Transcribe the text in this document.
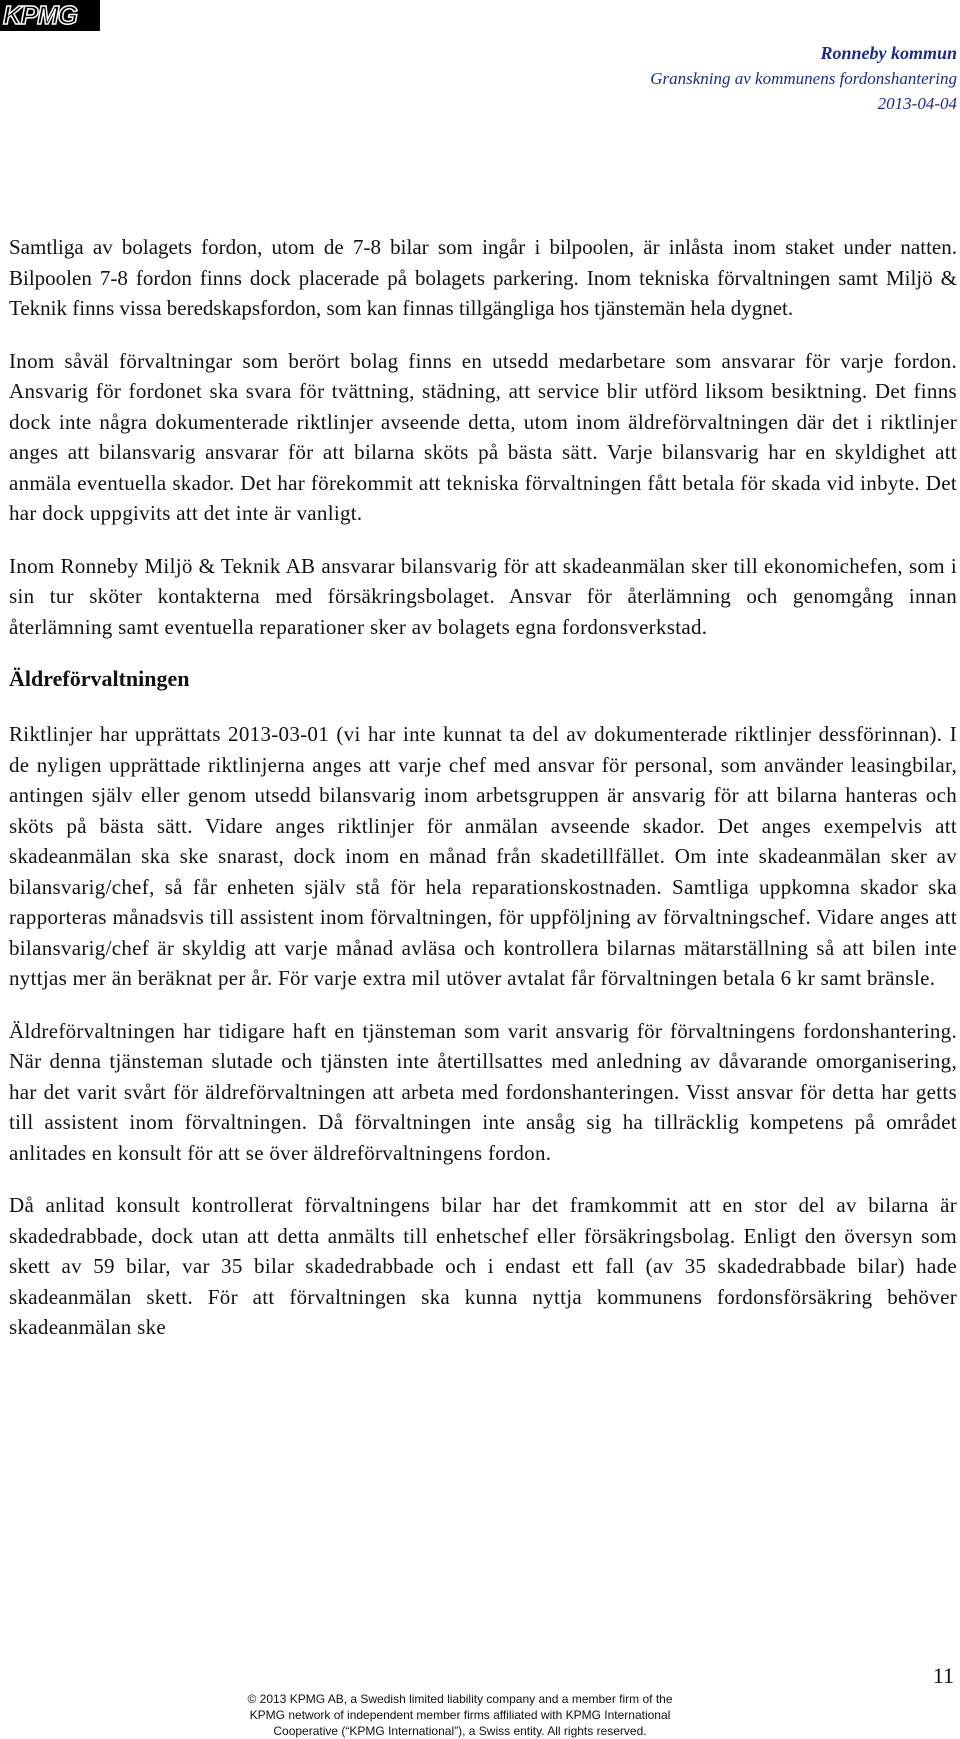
KPMG
Ronneby kommun
Granskning av kommunens fordonshantering
2013-04-04

Samtliga av bolagets fordon, utom de 7-8 bilar som ingår i bilpoolen, är inlåsta inom staket under natten. Bilpoolen 7-8 fordon finns dock placerade på bolagets parkering. Inom tekniska förvaltningen samt Miljö & Teknik finns vissa beredskapsfordon, som kan finnas tillgängliga hos tjänstemän hela dygnet.

Inom såväl förvaltningar som berört bolag finns en utsedd medarbetare som ansvarar för varje fordon. Ansvarig för fordonet ska svara för tvättning, städning, att service blir utförd liksom besiktning. Det finns dock inte några dokumenterade riktlinjer avseende detta, utom inom äldreförvaltningen där det i riktlinjer anges att bilansvarig ansvarar för att bilarna sköts på bästa sätt. Varje bilansvarig har en skyldighet att anmäla eventuella skador. Det har förekommit att tekniska förvaltningen fått betala för skada vid inbyte. Det har dock uppgivits att det inte är vanligt.

Inom Ronneby Miljö & Teknik AB ansvarar bilansvarig för att skadeanmälan sker till ekonomichefen, som i sin tur sköter kontakterna med försäkringsbolaget. Ansvar för återlämning och genomgång innan återlämning samt eventuella reparationer sker av bolagets egna fordonsverkstad.

Äldreförvaltningen

Riktlinjer har upprättats 2013-03-01 (vi har inte kunnat ta del av dokumenterade riktlinjer dessförinnan). I de nyligen upprättade riktlinjerna anges att varje chef med ansvar för personal, som använder leasingbilar, antingen själv eller genom utsedd bilansvarig inom arbetsgruppen är ansvarig för att bilarna hanteras och sköts på bästa sätt. Vidare anges riktlinjer för anmälan avseende skador. Det anges exempelvis att skadeanmälan ska ske snarast, dock inom en månad från skadetillfället. Om inte skadeanmälan sker av bilansvarig/chef, så får enheten själv stå för hela reparationskostnaden. Samtliga uppkomna skador ska rapporteras månadsvis till assistent inom förvaltningen, för uppföljning av förvaltningschef. Vidare anges att bilansvarig/chef är skyldig att varje månad avläsa och kontrollera bilarnas mätarställning så att bilen inte nyttjas mer än beräknat per år. För varje extra mil utöver avtalat får förvaltningen betala 6 kr samt bränsle.

Äldreförvaltningen har tidigare haft en tjänsteman som varit ansvarig för förvaltningens fordonshantering. När denna tjänsteman slutade och tjänsten inte återtillsattes med anledning av dåvarande omorganisering, har det varit svårt för äldreförvaltningen att arbeta med fordonshanteringen. Visst ansvar för detta har getts till assistent inom förvaltningen. Då förvaltningen inte ansåg sig ha tillräcklig kompetens på området anlitades en konsult för att se över äldreförvaltningens fordon.

Då anlitad konsult kontrollerat förvaltningens bilar har det framkommit att en stor del av bilarna är skadedrabbade, dock utan att detta anmälts till enhetschef eller försäkringsbolag. Enligt den översyn som skett av 59 bilar, var 35 bilar skadedrabbade och i endast ett fall (av 35 skadedrabbade bilar) hade skadeanmälan skett. För att förvaltningen ska kunna nyttja kommunens fordonsförsäkring behöver skadeanmälan ske

11
© 2013 KPMG AB, a Swedish limited liability company and a member firm of the
KPMG network of independent member firms affiliated with KPMG International
Cooperative (“KPMG International”), a Swiss entity. All rights reserved.
